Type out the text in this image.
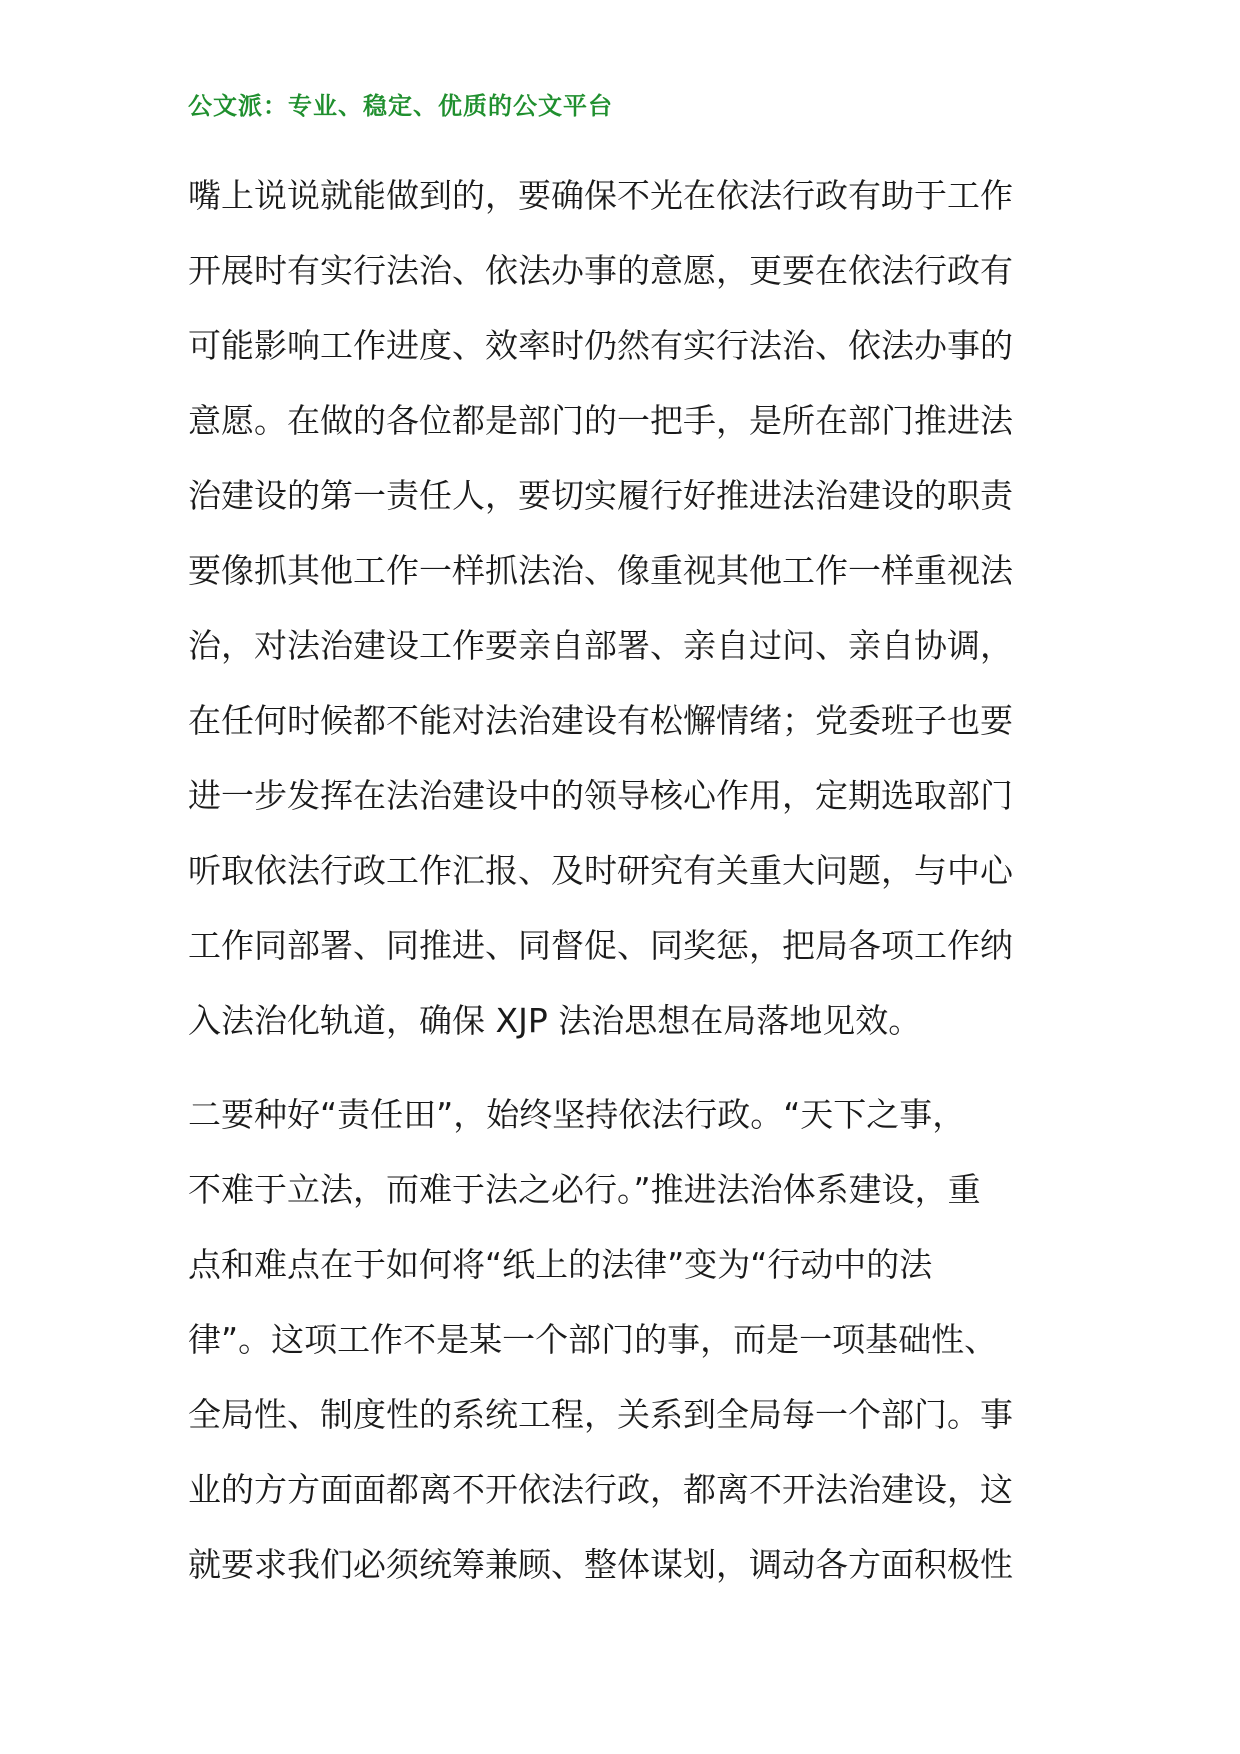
公文派：专业、稳定、优质的公文平台
嘴上说说就能做到的，要确保不光在依法行政有助于工作
开展时有实行法治、依法办事的意愿，更要在依法行政有
可能影响工作进度、效率时仍然有实行法治、依法办事的
意愿。在做的各位都是部门的一把手，是所在部门推进法
治建设的第一责任人，要切实履行好推进法治建设的职责
要像抓其他工作一样抓法治、像重视其他工作一样重视法
治，对法治建设工作要亲自部署、亲自过问、亲自协调，
在任何时候都不能对法治建设有松懈情绪；党委班子也要
进一步发挥在法治建设中的领导核心作用，定期选取部门
听取依法行政工作汇报、及时研究有关重大问题，与中心
工作同部署、同推进、同督促、同奖惩，把局各项工作纳
入法治化轨道，确保 XJP 法治思想在局落地见效。
二要种好“责任田”，始终坚持依法行政。“天下之事，
不难于立法，而难于法之必行。”推进法治体系建设，重
点和难点在于如何将“纸上的法律”变为“行动中的法
律”。这项工作不是某一个部门的事，而是一项基础性、
全局性、制度性的系统工程，关系到全局每一个部门。事
业的方方面面都离不开依法行政，都离不开法治建设，这
就要求我们必须统筹兼顾、整体谋划，调动各方面积极性
